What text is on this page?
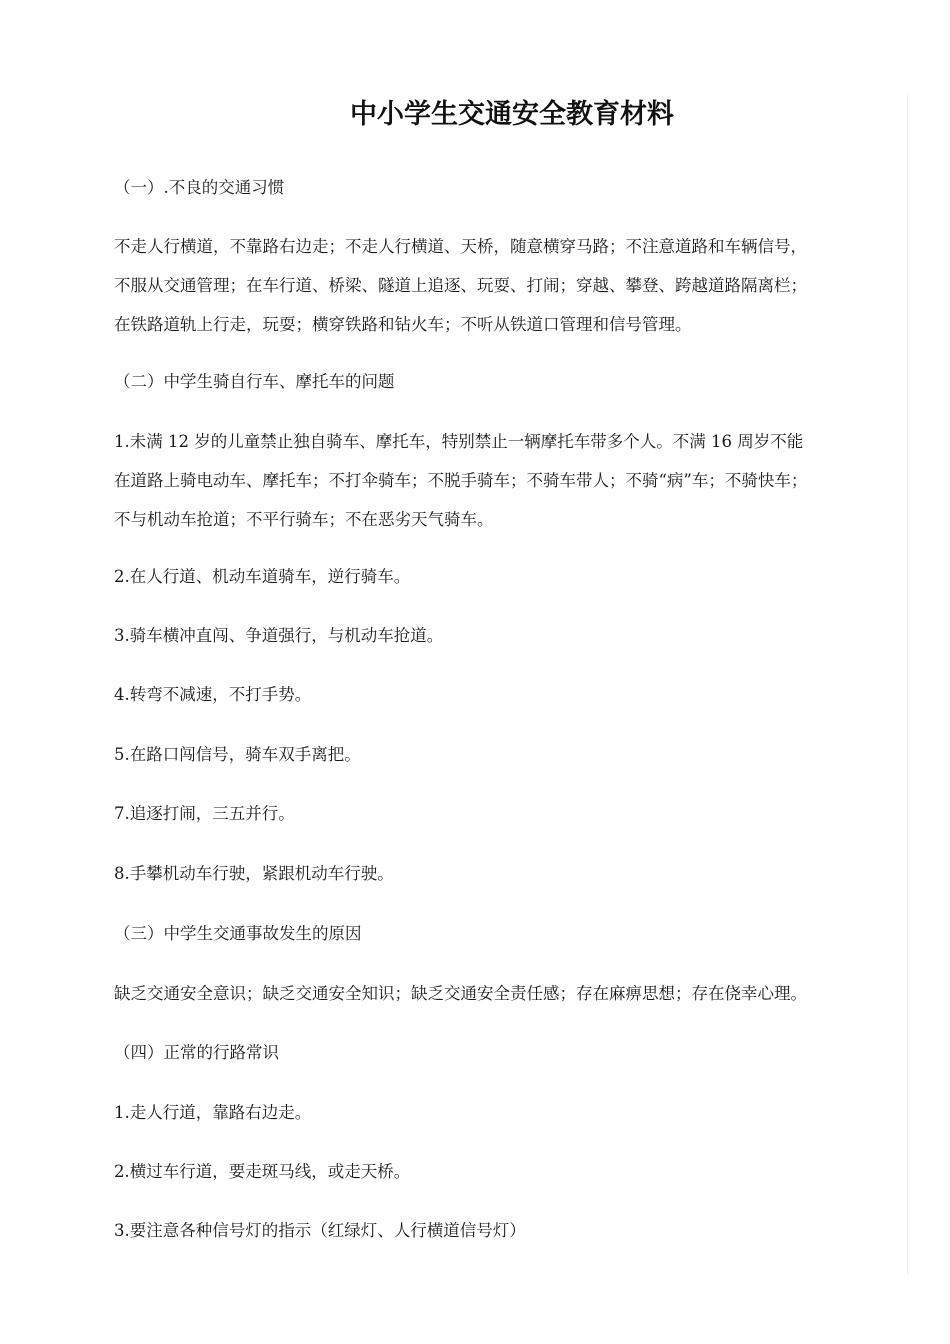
中小学生交通安全教育材料

（一）.不良的交通习惯

不走人行横道，不靠路右边走；不走人行横道、天桥，随意横穿马路；不注意道路和车辆信号，
不服从交通管理；在车行道、桥梁、隧道上追逐、玩耍、打闹；穿越、攀登、跨越道路隔离栏；
在铁路道轨上行走，玩耍；横穿铁路和钻火车；不听从铁道口管理和信号管理。

（二）中学生骑自行车、摩托车的问题

1.未满 12 岁的儿童禁止独自骑车、摩托车，特别禁止一辆摩托车带多个人。不满 16 周岁不能
在道路上骑电动车、摩托车；不打伞骑车；不脱手骑车；不骑车带人；不骑“病”车；不骑快车；
不与机动车抢道；不平行骑车；不在恶劣天气骑车。

2.在人行道、机动车道骑车，逆行骑车。

3.骑车横冲直闯、争道强行，与机动车抢道。

4.转弯不减速，不打手势。

5.在路口闯信号，骑车双手离把。

7.追逐打闹，三五并行。

8.手攀机动车行驶，紧跟机动车行驶。

（三）中学生交通事故发生的原因

缺乏交通安全意识；缺乏交通安全知识；缺乏交通安全责任感；存在麻痹思想；存在侥幸心理。

（四）正常的行路常识

1.走人行道，靠路右边走。

2.横过车行道，要走斑马线，或走天桥。

3.要注意各种信号灯的指示（红绿灯、人行横道信号灯）
